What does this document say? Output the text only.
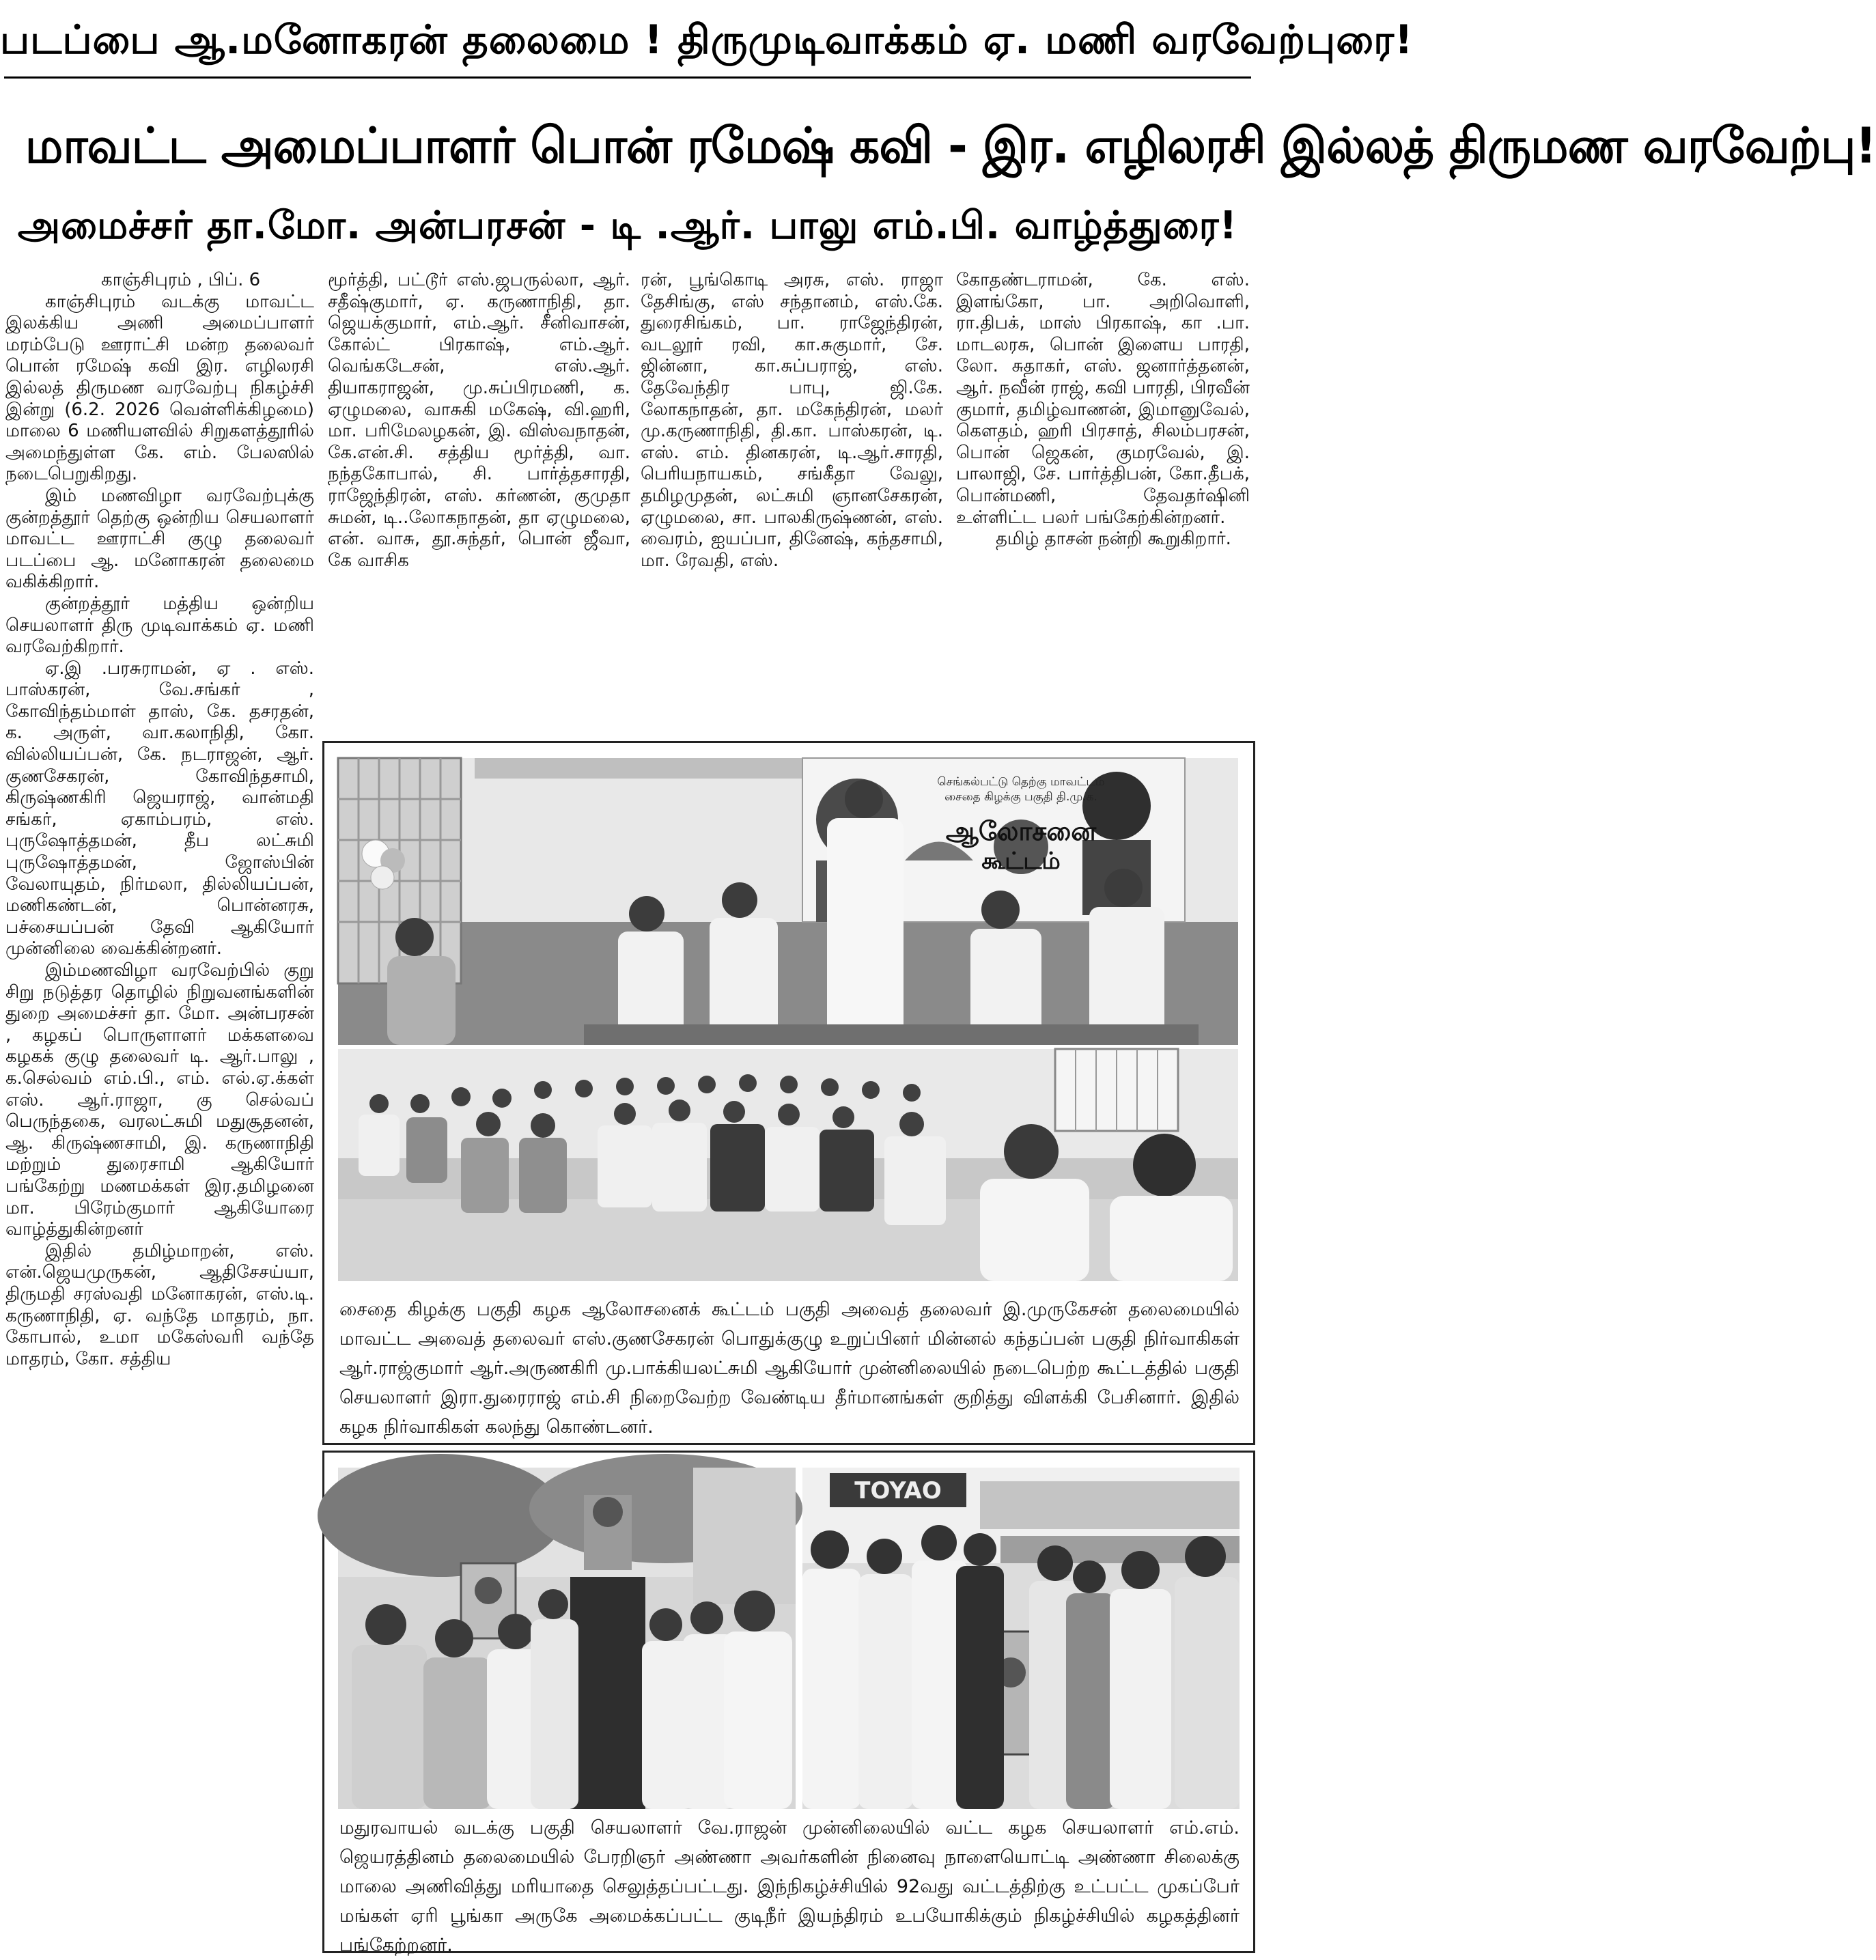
படப்பை ஆ.மனோகரன் தலைமை ! திருமுடிவாக்கம் ஏ. மணி வரவேற்புரை!
மாவட்ட அமைப்பாளர் பொன் ரமேஷ் கவி - இர. எழிலரசி இல்லத் திருமண வரவேற்பு!
அமைச்சர் தா.மோ. அன்பரசன் - டி .ஆர். பாலு எம்.பி. வாழ்த்துரை!

காஞ்சிபுரம் , பிப். 6

காஞ்சிபுரம் வடக்கு மாவட்ட இலக்கிய அணி அமைப்பாளர் மரம்பேடு ஊராட்சி மன்ற தலைவர் பொன் ரமேஷ் கவி இர. எழிலரசி இல்லத் திருமண வரவேற்பு நிகழ்ச்சி இன்று (6.2. 2026 வெள்ளிக்கிழமை) மாலை 6 மணியளவில் சிறுகளத்தூரில் அமைந்துள்ள கே. எம். பேலஸில் நடைபெறுகிறது.

இம் மணவிழா வரவேற்புக்கு குன்றத்தூர் தெற்கு ஒன்றிய செயலாளர் மாவட்ட ஊராட்சி குழு தலைவர் படப்பை ஆ. மனோகரன் தலைமை வகிக்கிறார்.

குன்றத்தூர் மத்திய ஒன்றிய செயலாளர் திரு முடிவாக்கம் ஏ. மணி வரவேற்கிறார்.

ஏ.இ .பரசுராமன், ஏ . எஸ். பாஸ்கரன், வே.சங்கர் , கோவிந்தம்மாள் தாஸ், கே. தசரதன், க. அருள், வா.கலாநிதி, கோ. வில்லியப்பன், கே. நடராஜன், ஆர். குணசேகரன், கோவிந்தசாமி, கிருஷ்ணகிரி ஜெயராஜ், வான்மதி சங்கர், ஏகாம்பரம், எஸ். புருஷோத்தமன், தீப லட்சுமி புருஷோத்தமன், ஜோஸ்பின் வேலாயுதம், நிர்மலா, தில்லியப்பன், மணிகண்டன், பொன்னரசு, பச்சையப்பன் தேவி ஆகியோர் முன்னிலை வைக்கின்றனர்.

இம்மணவிழா வரவேற்பில் குறு சிறு நடுத்தர தொழில் நிறுவனங்களின் துறை அமைச்சர் தா. மோ. அன்பரசன் , கழகப் பொருளாளர் மக்களவை கழகக் குழு தலைவர் டி. ஆர்.பாலு , க.செல்வம் எம்.பி., எம். எல்.ஏ.க்கள் எஸ். ஆர்.ராஜா, கு செல்வப் பெருந்தகை, வரலட்சுமி மதுசூதனன், ஆ. கிருஷ்ணசாமி, இ. கருணாநிதி மற்றும் துரைசாமி ஆகியோர் பங்கேற்று மணமக்கள் இர.தமிழனை மா. பிரேம்குமார் ஆகியோரை வாழ்த்துகின்றனர்

இதில் தமிழ்மாறன், எஸ். என்.ஜெயமுருகன், ஆதிசேசய்யா, திருமதி சரஸ்வதி மனோகரன், எஸ்.டி. கருணாநிதி, ஏ. வந்தே மாதரம், நா. கோபால், உமா மகேஸ்வரி வந்தே மாதரம், கோ. சத்திய

மூர்த்தி, பட்டூர் எஸ்.ஜபருல்லா, ஆர். சதீஷ்குமார், ஏ. கருணாநிதி, தா. ஜெயக்குமார், எம்.ஆர். சீனிவாசன், கோல்ட் பிரகாஷ், எம்.ஆர். வெங்கடேசன், எஸ்.ஆர். தியாகராஜன், மு.சுப்பிரமணி, க. ஏழுமலை, வாசுகி மகேஷ், வி.ஹரி, மா. பரிமேலழகன், இ. விஸ்வநாதன், கே.என்.சி. சத்திய மூர்த்தி, வா. நந்தகோபால், சி. பார்த்தசாரதி, ராஜேந்திரன், எஸ். கர்ணன், குமுதா சுமன், டி..லோகநாதன், தா ஏழுமலை, என். வாசு, தூ.சுந்தர், பொன் ஜீவா, கே வாசிக

ரன், பூங்கொடி அரசு, எஸ். ராஜா தேசிங்கு, எஸ் சந்தானம், எஸ்.கே. துரைசிங்கம், பா. ராஜேந்திரன், வடலூர் ரவி, கா.சுகுமார், சே. ஜின்னா, கா.சுப்பராஜ், எஸ். தேவேந்திர பாபு, ஜி.கே. லோகநாதன், தா. மகேந்திரன், மலர் மு.கருணாநிதி, தி.கா. பாஸ்கரன், டி. எஸ். எம். தினகரன், டி.ஆர்.சாரதி, பெரியநாயகம், சங்கீதா வேலு, தமிழமுதன், லட்சுமி ஞானசேகரன், ஏழுமலை, சா. பாலகிருஷ்ணன், எஸ். வைரம், ஐயப்பா, தினேஷ், கந்தசாமி, மா. ரேவதி, எஸ்.

கோதண்டராமன், கே. எஸ். இளங்கோ, பா. அறிவொளி, ரா.திபக், மாஸ் பிரகாஷ், கா .பா. மாடலரசு, பொன் இளைய பாரதி, லோ. சுதாகர், எஸ். ஜனார்த்தனன், ஆர். நவீன் ராஜ், கவி பாரதி, பிரவீன் குமார், தமிழ்வாணன், இமானுவேல், கௌதம், ஹரி பிரசாத், சிலம்பரசன், பொன் ஜெகன், குமரவேல், இ. பாலாஜி, சே. பார்த்திபன், கோ.தீபக், பொன்மணி, தேவதர்ஷினி உள்ளிட்ட பலர் பங்கேற்கின்றனர்.

தமிழ் தாசன் நன்றி கூறுகிறார்.

செங்கல்பட்டு தெற்கு மாவட்டம்
சைதை கிழக்கு பகுதி தி.மு.க.
ஆலோசனை
கூட்டம்
சைதை கிழக்கு பகுதி கழக ஆலோசனைக் கூட்டம் பகுதி அவைத் தலைவர் இ.முருகேசன் தலைமையில் மாவட்ட அவைத் தலைவர் எஸ்.குணசேகரன் பொதுக்குழு உறுப்பினர் மின்னல் கந்தப்பன் பகுதி நிர்வாகிகள் ஆர்.ராஜ்குமார் ஆர்.அருணகிரி மு.பாக்கியலட்சுமி ஆகியோர் முன்னிலையில் நடைபெற்ற கூட்டத்தில் பகுதி செயலாளர் இரா.துரைராஜ் எம்.சி நிறைவேற்ற வேண்டிய தீர்மானங்கள் குறித்து விளக்கி பேசினார். இதில் கழக நிர்வாகிகள் கலந்து கொண்டனர்.
TOYAO
மதுரவாயல் வடக்கு பகுதி செயலாளர் வே.ராஜன் முன்னிலையில் வட்ட கழக செயலாளர் எம்.எம். ஜெயரத்தினம் தலைமையில் பேரறிஞர் அண்ணா அவர்களின் நினைவு நாளையொட்டி அண்ணா சிலைக்கு மாலை அணிவித்து மரியாதை செலுத்தப்பட்டது. இந்நிகழ்ச்சியில் 92வது வட்டத்திற்கு உட்பட்ட முகப்பேர் மங்கள் ஏரி பூங்கா அருகே அமைக்கப்பட்ட குடிநீர் இயந்திரம் உபயோகிக்கும் நிகழ்ச்சியில் கழகத்தினர் பங்கேற்றனர்.
